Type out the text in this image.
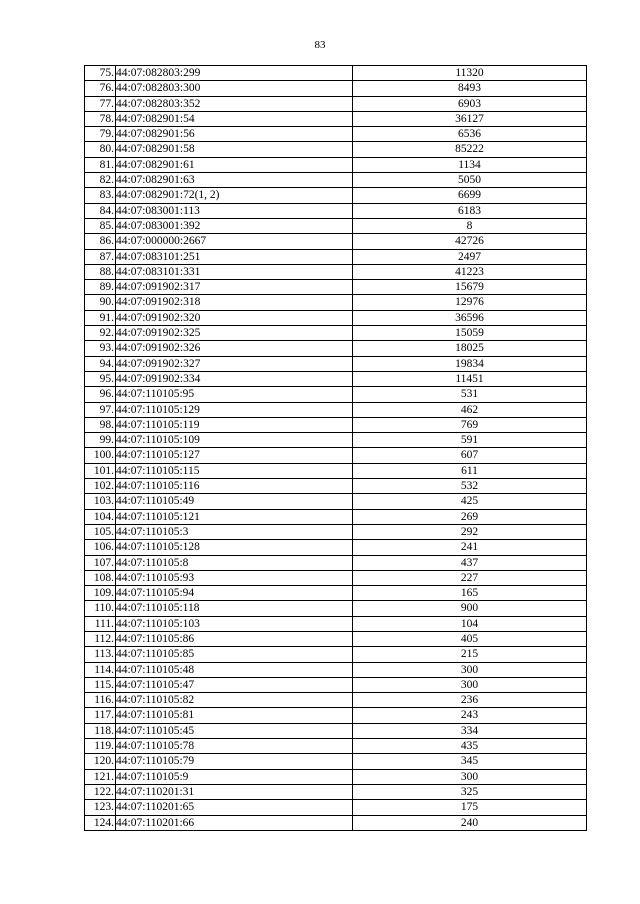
83
75.	44:07:082803:299	11320
76.	44:07:082803:300	8493
77.	44:07:082803:352	6903
78.	44:07:082901:54	36127
79.	44:07:082901:56	6536
80.	44:07:082901:58	85222
81.	44:07:082901:61	1134
82.	44:07:082901:63	5050
83.	44:07:082901:72(1, 2)	6699
84.	44:07:083001:113	6183
85.	44:07:083001:392	8
86.	44:07:000000:2667	42726
87.	44:07:083101:251	2497
88.	44:07:083101:331	41223
89.	44:07:091902:317	15679
90.	44:07:091902:318	12976
91.	44:07:091902:320	36596
92.	44:07:091902:325	15059
93.	44:07:091902:326	18025
94.	44:07:091902:327	19834
95.	44:07:091902:334	11451
96.	44:07:110105:95	531
97.	44:07:110105:129	462
98.	44:07:110105:119	769
99.	44:07:110105:109	591
100.	44:07:110105:127	607
101.	44:07:110105:115	611
102.	44:07:110105:116	532
103.	44:07:110105:49	425
104.	44:07:110105:121	269
105.	44:07:110105:3	292
106.	44:07:110105:128	241
107.	44:07:110105:8	437
108.	44:07:110105:93	227
109.	44:07:110105:94	165
110.	44:07:110105:118	900
111.	44:07:110105:103	104
112.	44:07:110105:86	405
113.	44:07:110105:85	215
114.	44:07:110105:48	300
115.	44:07:110105:47	300
116.	44:07:110105:82	236
117.	44:07:110105:81	243
118.	44:07:110105:45	334
119.	44:07:110105:78	435
120.	44:07:110105:79	345
121.	44:07:110105:9	300
122.	44:07:110201:31	325
123.	44:07:110201:65	175
124.	44:07:110201:66	240
